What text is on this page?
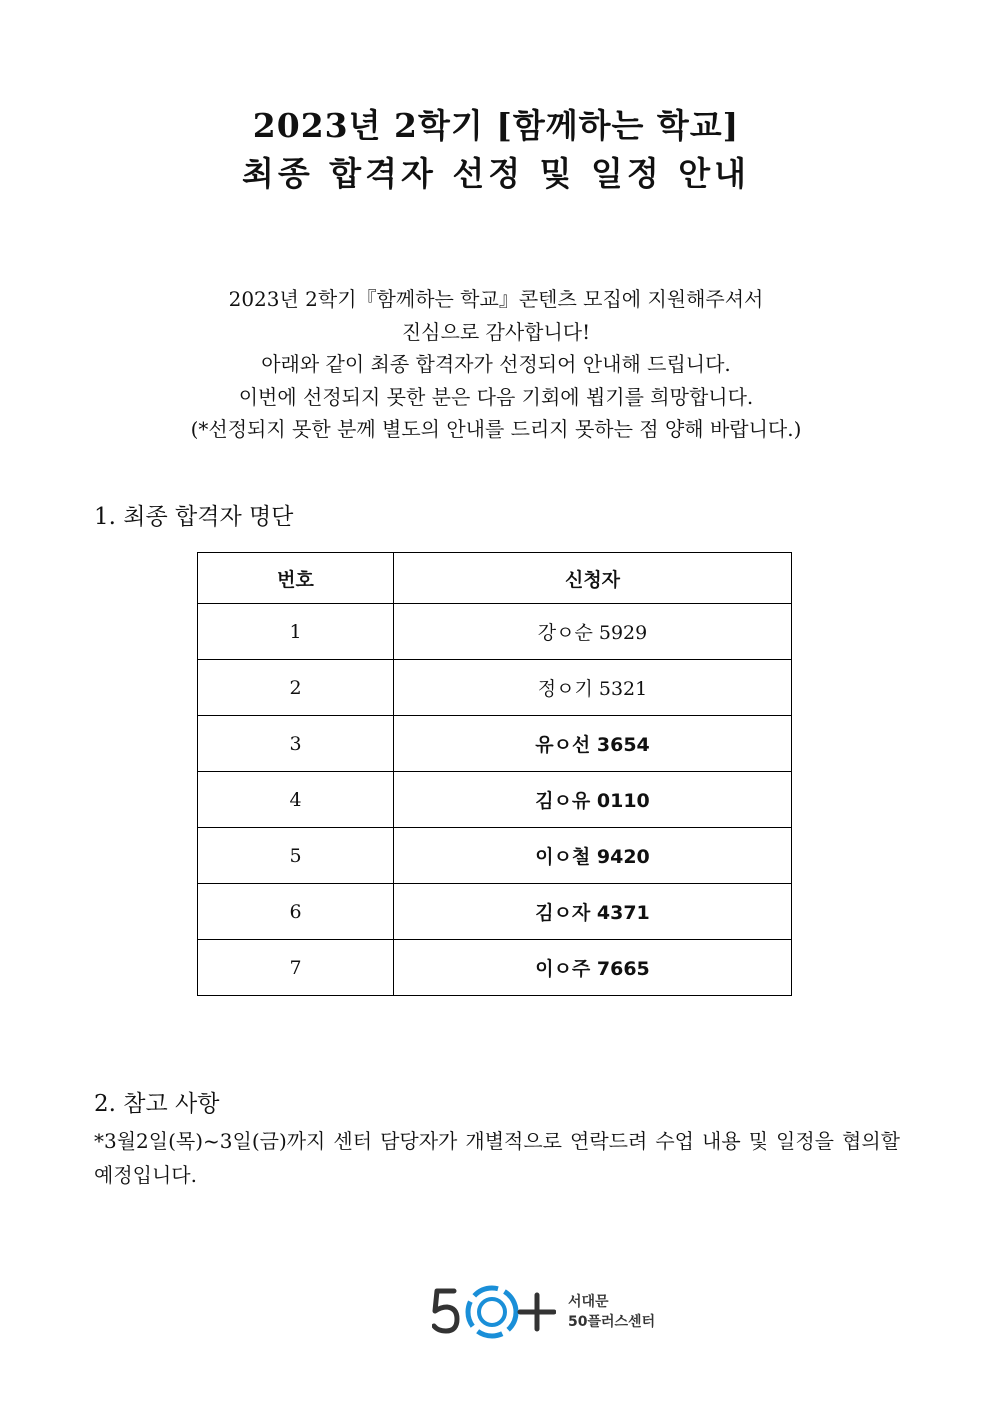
2023년 2학기 [함께하는 학교]
최종 합격자 선정 및 일정 안내

2023년 2학기『함께하는 학교』콘텐츠 모집에 지원해주셔서

진심으로 감사합니다!

아래와 같이 최종 합격자가 선정되어 안내해 드립니다.

이번에 선정되지 못한 분은 다음 기회에 뵙기를 희망합니다.

(*선정되지 못한 분께 별도의 안내를 드리지 못하는 점 양해 바랍니다.)

1. 최종 합격자 명단
번호	신청자
1	강ㅇ순 5929
2	정ㅇ기 5321
3	유ㅇ선 3654
4	김ㅇ유 0110
5	이ㅇ철 9420
6	김ㅇ자 4371
7	이ㅇ주 7665
2. 참고 사항

*3월2일(목)~3일(금)까지 센터 담당자가 개별적으로 연락드려 수업 내용 및 일정을 협의할 예정입니다.

서대문
50플러스센터
